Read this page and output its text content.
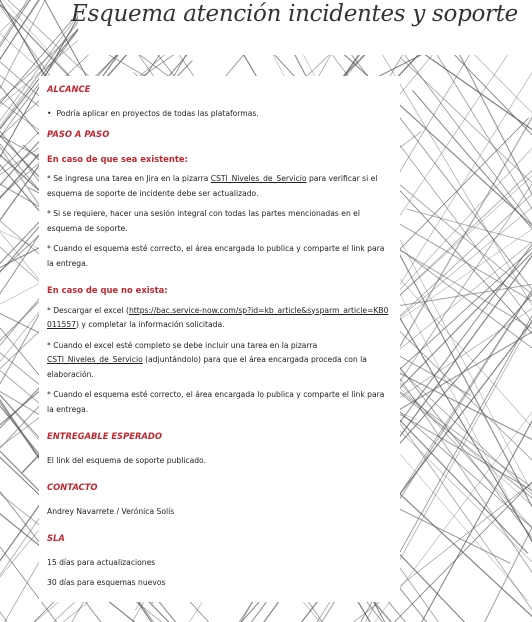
Esquema atención incidentes y soporte
ALCANCE
• Podría aplicar en proyectos de todas las plataformas.
PASO A PASO
En caso de que sea existente:

* Se ingresa una tarea en Jira en la pizarra CSTI_Niveles_de_Servicio para verificar si el esquema de soporte de incidente debe ser actualizado.

* Si se requiere, hacer una sesión integral con todas las partes mencionadas en el esquema de soporte.

* Cuando el esquema esté correcto, el área encargada lo publica y comparte el link para la entrega.

En caso de que no exista:

* Descargar el excel (https://bac.service-now.com/sp?id=kb_article&sysparm_article=KB0011557) y completar la información solicitada.

* Cuando el excel esté completo se debe incluir una tarea en la pizarra CSTI_Niveles_de_Servicio (adjuntándolo) para que el área encargada proceda con la elaboración.

* Cuando el esquema esté correcto, el área encargada lo publica y comparte el link para la entrega.

ENTREGABLE ESPERADO

El link del esquema de soporte publicado.

CONTACTO

Andrey Navarrete / Verónica Solís

SLA

15 días para actualizaciones

30 días para esquemas nuevos
